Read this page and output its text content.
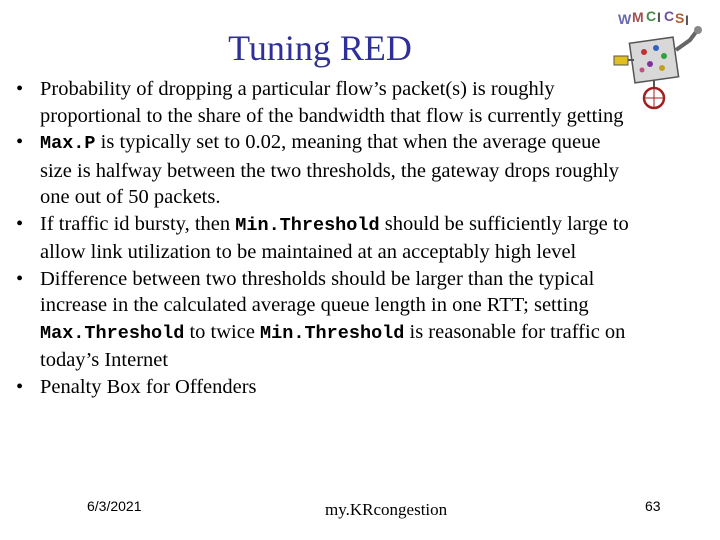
Tuning RED
W M C I C S I
• Probability of dropping a particular flow’s packet(s) is roughly proportional to the share of the bandwidth that flow is currently getting
• Max.P is typically set to 0.02, meaning that when the average queue size is halfway between the two thresholds, the gateway drops roughly one out of 50 packets.
• If traffic id bursty, then Min.Threshold should be sufficiently large to allow link utilization to be maintained at an acceptably high level
• Difference between two thresholds should be larger than the typical increase in the calculated average queue length in one RTT; setting Max.Threshold to twice Min.Threshold is reasonable for traffic on today’s Internet
• Penalty Box for Offenders
6/3/2021	my.KRcongestion	63
